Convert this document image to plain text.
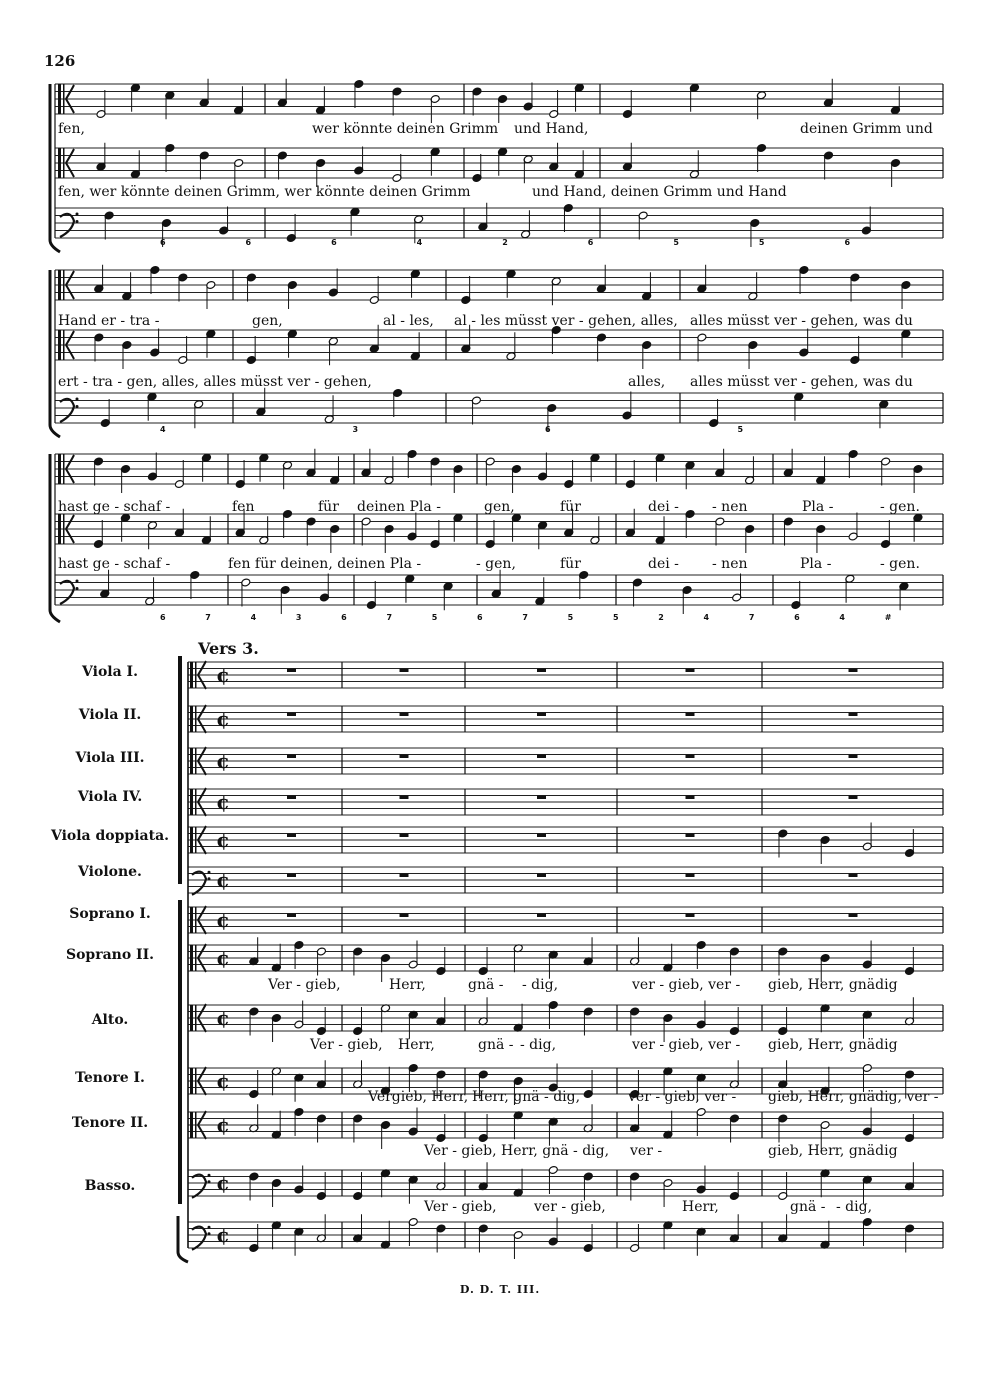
126
Vers 3.
Viola I.
Viola II.
Viola III.
Viola IV.
Viola doppiata.
Violone.
Soprano I.
Soprano II.
Alto.
Tenore I.
Tenore II.
Basso.
D. D. T. III.
¢
¢
¢
¢
¢
¢
¢
¢
¢
¢
¢
¢
¢
fen,	wer könnte deinen Grimm und Hand,	deinen Grimm und
fen, wer könnte deinen Grimm, wer könnte deinen Grimm	und Hand, deinen Grimm und Hand
6	6	6	4	2	6	5	5	6
Hand er - tra -	gen,	al - les, al - les müsst ver - gehen, alles, alles müsst ver - gehen, was du
ert - tra - gen, alles, alles müsst ver - gehen,	alles, alles müsst ver - gehen, was du
4	3	6	5
hast ge - schaf -	fen	für deinen Pla -	gen,	für	dei - - nen	Pla -	- gen.
hast ge - schaf -	fen für deinen, deinen Pla -	- gen,	für	dei - - nen	Pla -	- gen.
6	7	4	3	6	7	5	6	7	5	5	2	4	7	6	4	#
Ver - gieb,	Herr,	gnä - - dig,	ver - gieb, ver - gieb, Herr, gnädig
Ver - gieb, Herr,	gnä - - dig,	ver - gieb, ver - gieb, Herr, gnädig
Vergieb, Herr, Herr, gnä - dig,	ver - gieb, ver - gieb, Herr, gnädig, ver -
Ver - gieb, Herr, gnä - dig, ver -	gieb, Herr, gnädig
Ver - gieb,	ver - gieb,	Herr,	gnä - - dig,
